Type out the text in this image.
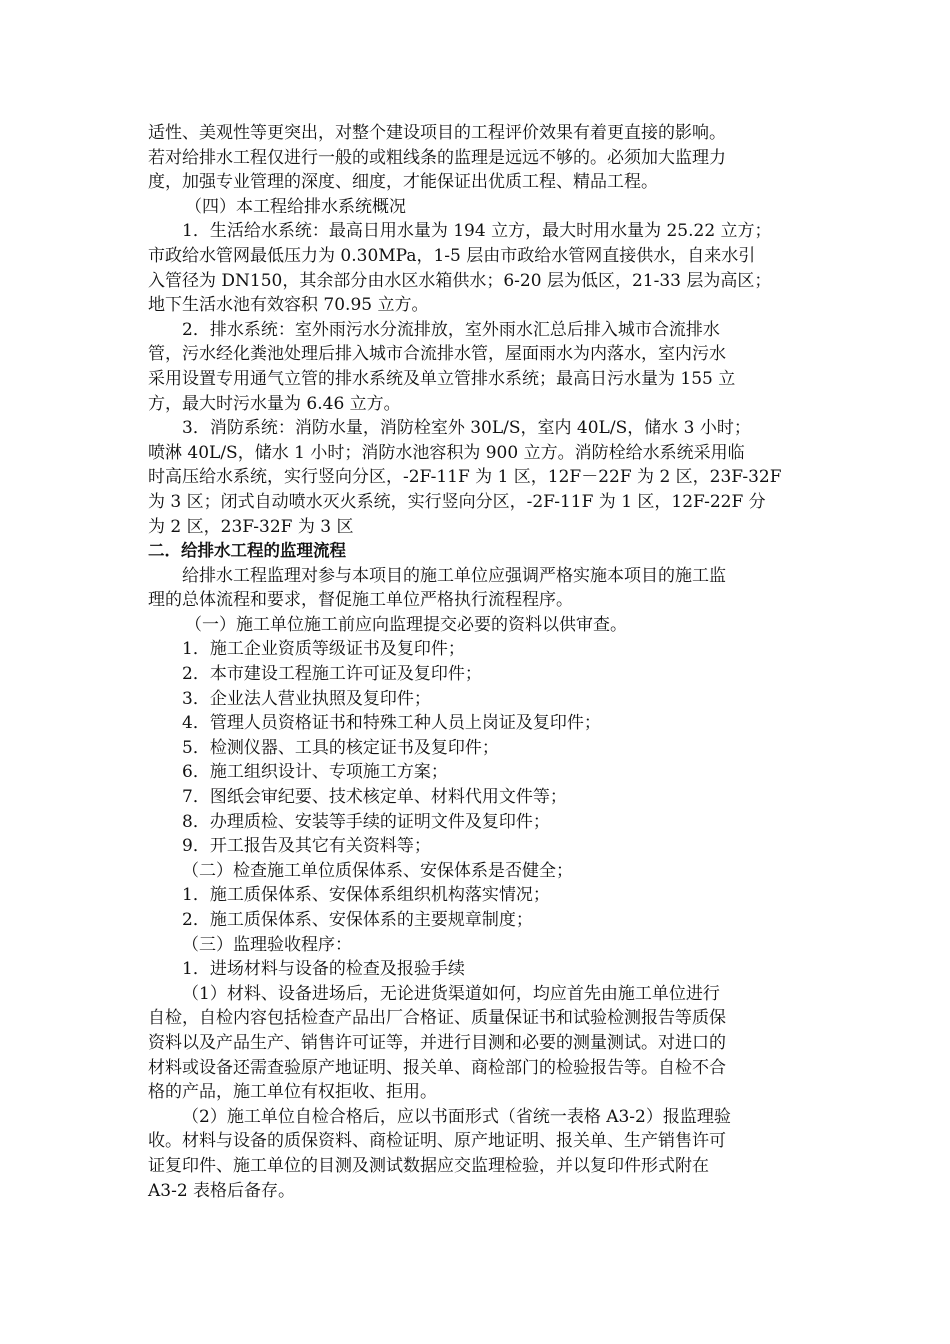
适性、美观性等更突出，对整个建设项目的工程评价效果有着更直接的影响。
若对给排水工程仅进行一般的或粗线条的监理是远远不够的。必须加大监理力
度，加强专业管理的深度、细度，才能保证出优质工程、精品工程。
（四）本工程给排水系统概况
1．生活给水系统：最高日用水量为 194 立方，最大时用水量为 25.22 立方；
市政给水管网最低压力为 0.30MPa，1-5 层由市政给水管网直接供水，自来水引
入管径为 DN150，其余部分由水区水箱供水；6-20 层为低区，21-33 层为高区；
地下生活水池有效容积 70.95 立方。
2．排水系统：室外雨污水分流排放，室外雨水汇总后排入城市合流排水
管，污水经化粪池处理后排入城市合流排水管，屋面雨水为内落水，室内污水
采用设置专用通气立管的排水系统及单立管排水系统；最高日污水量为 155 立
方，最大时污水量为 6.46 立方。
3．消防系统：消防水量，消防栓室外 30L/S，室内 40L/S，储水 3 小时；
喷淋 40L/S，储水 1 小时；消防水池容积为 900 立方。消防栓给水系统采用临
时高压给水系统，实行竖向分区，-2F-11F 为 1 区，12F－22F 为 2 区，23F-32F
为 3 区；闭式自动喷水灭火系统，实行竖向分区，-2F-11F 为 1 区，12F-22F 分
为 2 区，23F-32F 为 3 区
二．给排水工程的监理流程
给排水工程监理对参与本项目的施工单位应强调严格实施本项目的施工监
理的总体流程和要求，督促施工单位严格执行流程程序。
（一）施工单位施工前应向监理提交必要的资料以供审查。
1．施工企业资质等级证书及复印件；
2．本市建设工程施工许可证及复印件；
3．企业法人营业执照及复印件；
4．管理人员资格证书和特殊工种人员上岗证及复印件；
5．检测仪器、工具的核定证书及复印件；
6．施工组织设计、专项施工方案；
7．图纸会审纪要、技术核定单、材料代用文件等；
8．办理质检、安装等手续的证明文件及复印件；
9．开工报告及其它有关资料等；
（二）检查施工单位质保体系、安保体系是否健全；
1．施工质保体系、安保体系组织机构落实情况；
2．施工质保体系、安保体系的主要规章制度；
（三）监理验收程序：
1．进场材料与设备的检查及报验手续
（1）材料、设备进场后，无论进货渠道如何，均应首先由施工单位进行
自检，自检内容包括检查产品出厂合格证、质量保证书和试验检测报告等质保
资料以及产品生产、销售许可证等，并进行目测和必要的测量测试。对进口的
材料或设备还需查验原产地证明、报关单、商检部门的检验报告等。自检不合
格的产品，施工单位有权拒收、拒用。
（2）施工单位自检合格后，应以书面形式（省统一表格 A3-2）报监理验
收。材料与设备的质保资料、商检证明、原产地证明、报关单、生产销售许可
证复印件、施工单位的目测及测试数据应交监理检验，并以复印件形式附在
A3-2 表格后备存。
